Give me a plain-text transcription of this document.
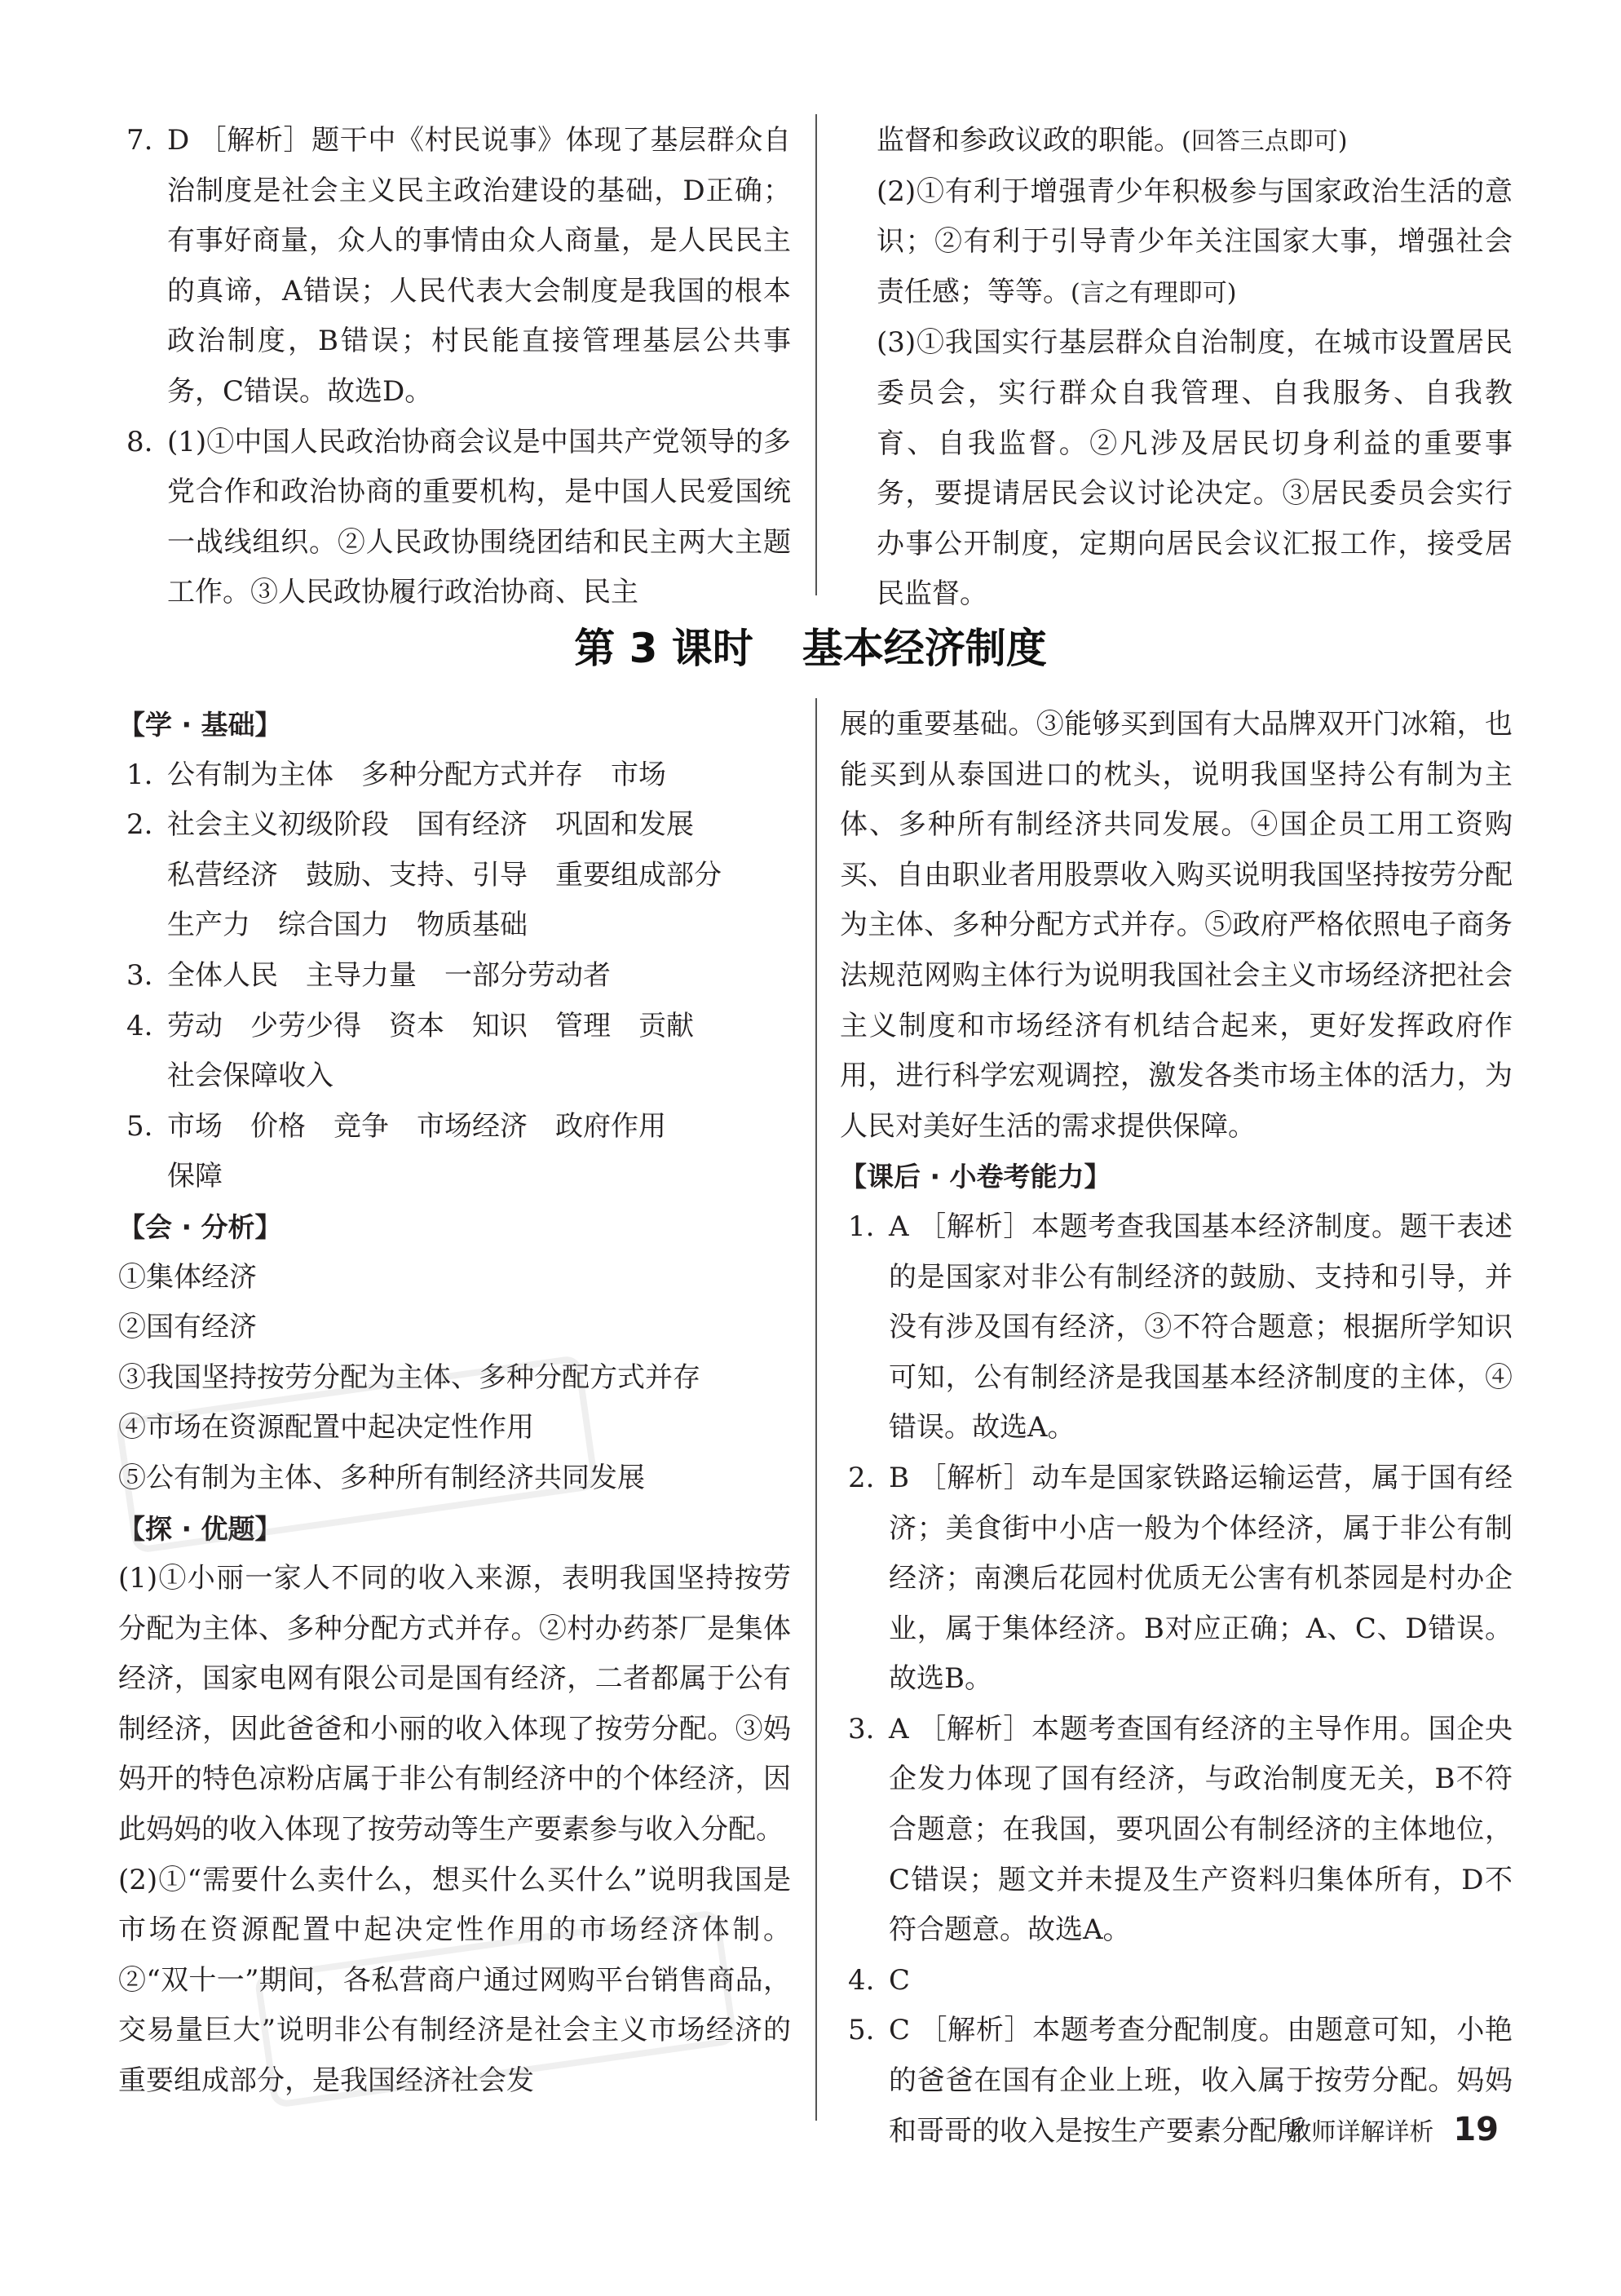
7. D ［解析］题干中《村民说事》体现了基层群众自治制度是社会主义民主政治建设的基础，D正确；有事好商量，众人的事情由众人商量，是人民民主的真谛，A错误；人民代表大会制度是我国的根本政治制度，B错误；村民能直接管理基层公共事务，C错误。故选D。
8. (1)①中国人民政治协商会议是中国共产党领导的多党合作和政治协商的重要机构，是中国人民爱国统一战线组织。②人民政协围绕团结和民主两大主题工作。③人民政协履行政治协商、民主
监督和参政议政的职能。(回答三点即可)
(2)①有利于增强青少年积极参与国家政治生活的意识；②有利于引导青少年关注国家大事，增强社会责任感；等等。(言之有理即可)
(3)①我国实行基层群众自治制度，在城市设置居民委员会，实行群众自我管理、自我服务、自我教育、自我监督。②凡涉及居民切身利益的重要事务，要提请居民会议讨论决定。③居民委员会实行办事公开制度，定期向居民会议汇报工作，接受居民监督。
第 3 课时 基本经济制度
【学 · 基础】
1. 公有制为主体　多种分配方式并存　市场
2. 社会主义初级阶段　国有经济　巩固和发展
私营经济　鼓励、支持、引导　重要组成部分
生产力　综合国力　物质基础
3. 全体人民　主导力量　一部分劳动者
4. 劳动　少劳少得　资本　知识　管理　贡献
社会保障收入
5. 市场　价格　竞争　市场经济　政府作用
保障
【会 · 分析】
①集体经济
②国有经济
③我国坚持按劳分配为主体、多种分配方式并存
④市场在资源配置中起决定性作用
⑤公有制为主体、多种所有制经济共同发展
【探 · 优题】
(1)①小丽一家人不同的收入来源，表明我国坚持按劳分配为主体、多种分配方式并存。②村办药茶厂是集体经济，国家电网有限公司是国有经济，二者都属于公有制经济，因此爸爸和小丽的收入体现了按劳分配。③妈妈开的特色凉粉店属于非公有制经济中的个体经济，因此妈妈的收入体现了按劳动等生产要素参与收入分配。
(2)①“需要什么卖什么，想买什么买什么”说明我国是市场在资源配置中起决定性作用的市场经济体制。②“双十一”期间，各私营商户通过网购平台销售商品，交易量巨大”说明非公有制经济是社会主义市场经济的重要组成部分，是我国经济社会发
展的重要基础。③能够买到国有大品牌双开门冰箱，也能买到从泰国进口的枕头，说明我国坚持公有制为主体、多种所有制经济共同发展。④国企员工用工资购买、自由职业者用股票收入购买说明我国坚持按劳分配为主体、多种分配方式并存。⑤政府严格依照电子商务法规范网购主体行为说明我国社会主义市场经济把社会主义制度和市场经济有机结合起来，更好发挥政府作用，进行科学宏观调控，激发各类市场主体的活力，为人民对美好生活的需求提供保障。
【课后 · 小卷考能力】
1. A ［解析］本题考查我国基本经济制度。题干表述的是国家对非公有制经济的鼓励、支持和引导，并没有涉及国有经济，③不符合题意；根据所学知识可知，公有制经济是我国基本经济制度的主体，④错误。故选A。
2. B ［解析］动车是国家铁路运输运营，属于国有经济；美食街中小店一般为个体经济，属于非公有制经济；南澳后花园村优质无公害有机茶园是村办企业，属于集体经济。B对应正确；A、C、D错误。故选B。
3. A ［解析］本题考查国有经济的主导作用。国企央企发力体现了国有经济，与政治制度无关，B不符合题意；在我国，要巩固公有制经济的主体地位，C错误；题文并未提及生产资料归集体所有，D不符合题意。故选A。
4. C
5. C ［解析］本题考查分配制度。由题意可知，小艳的爸爸在国有企业上班，收入属于按劳分配。妈妈和哥哥的收入是按生产要素分配所
教师详解详析 19
